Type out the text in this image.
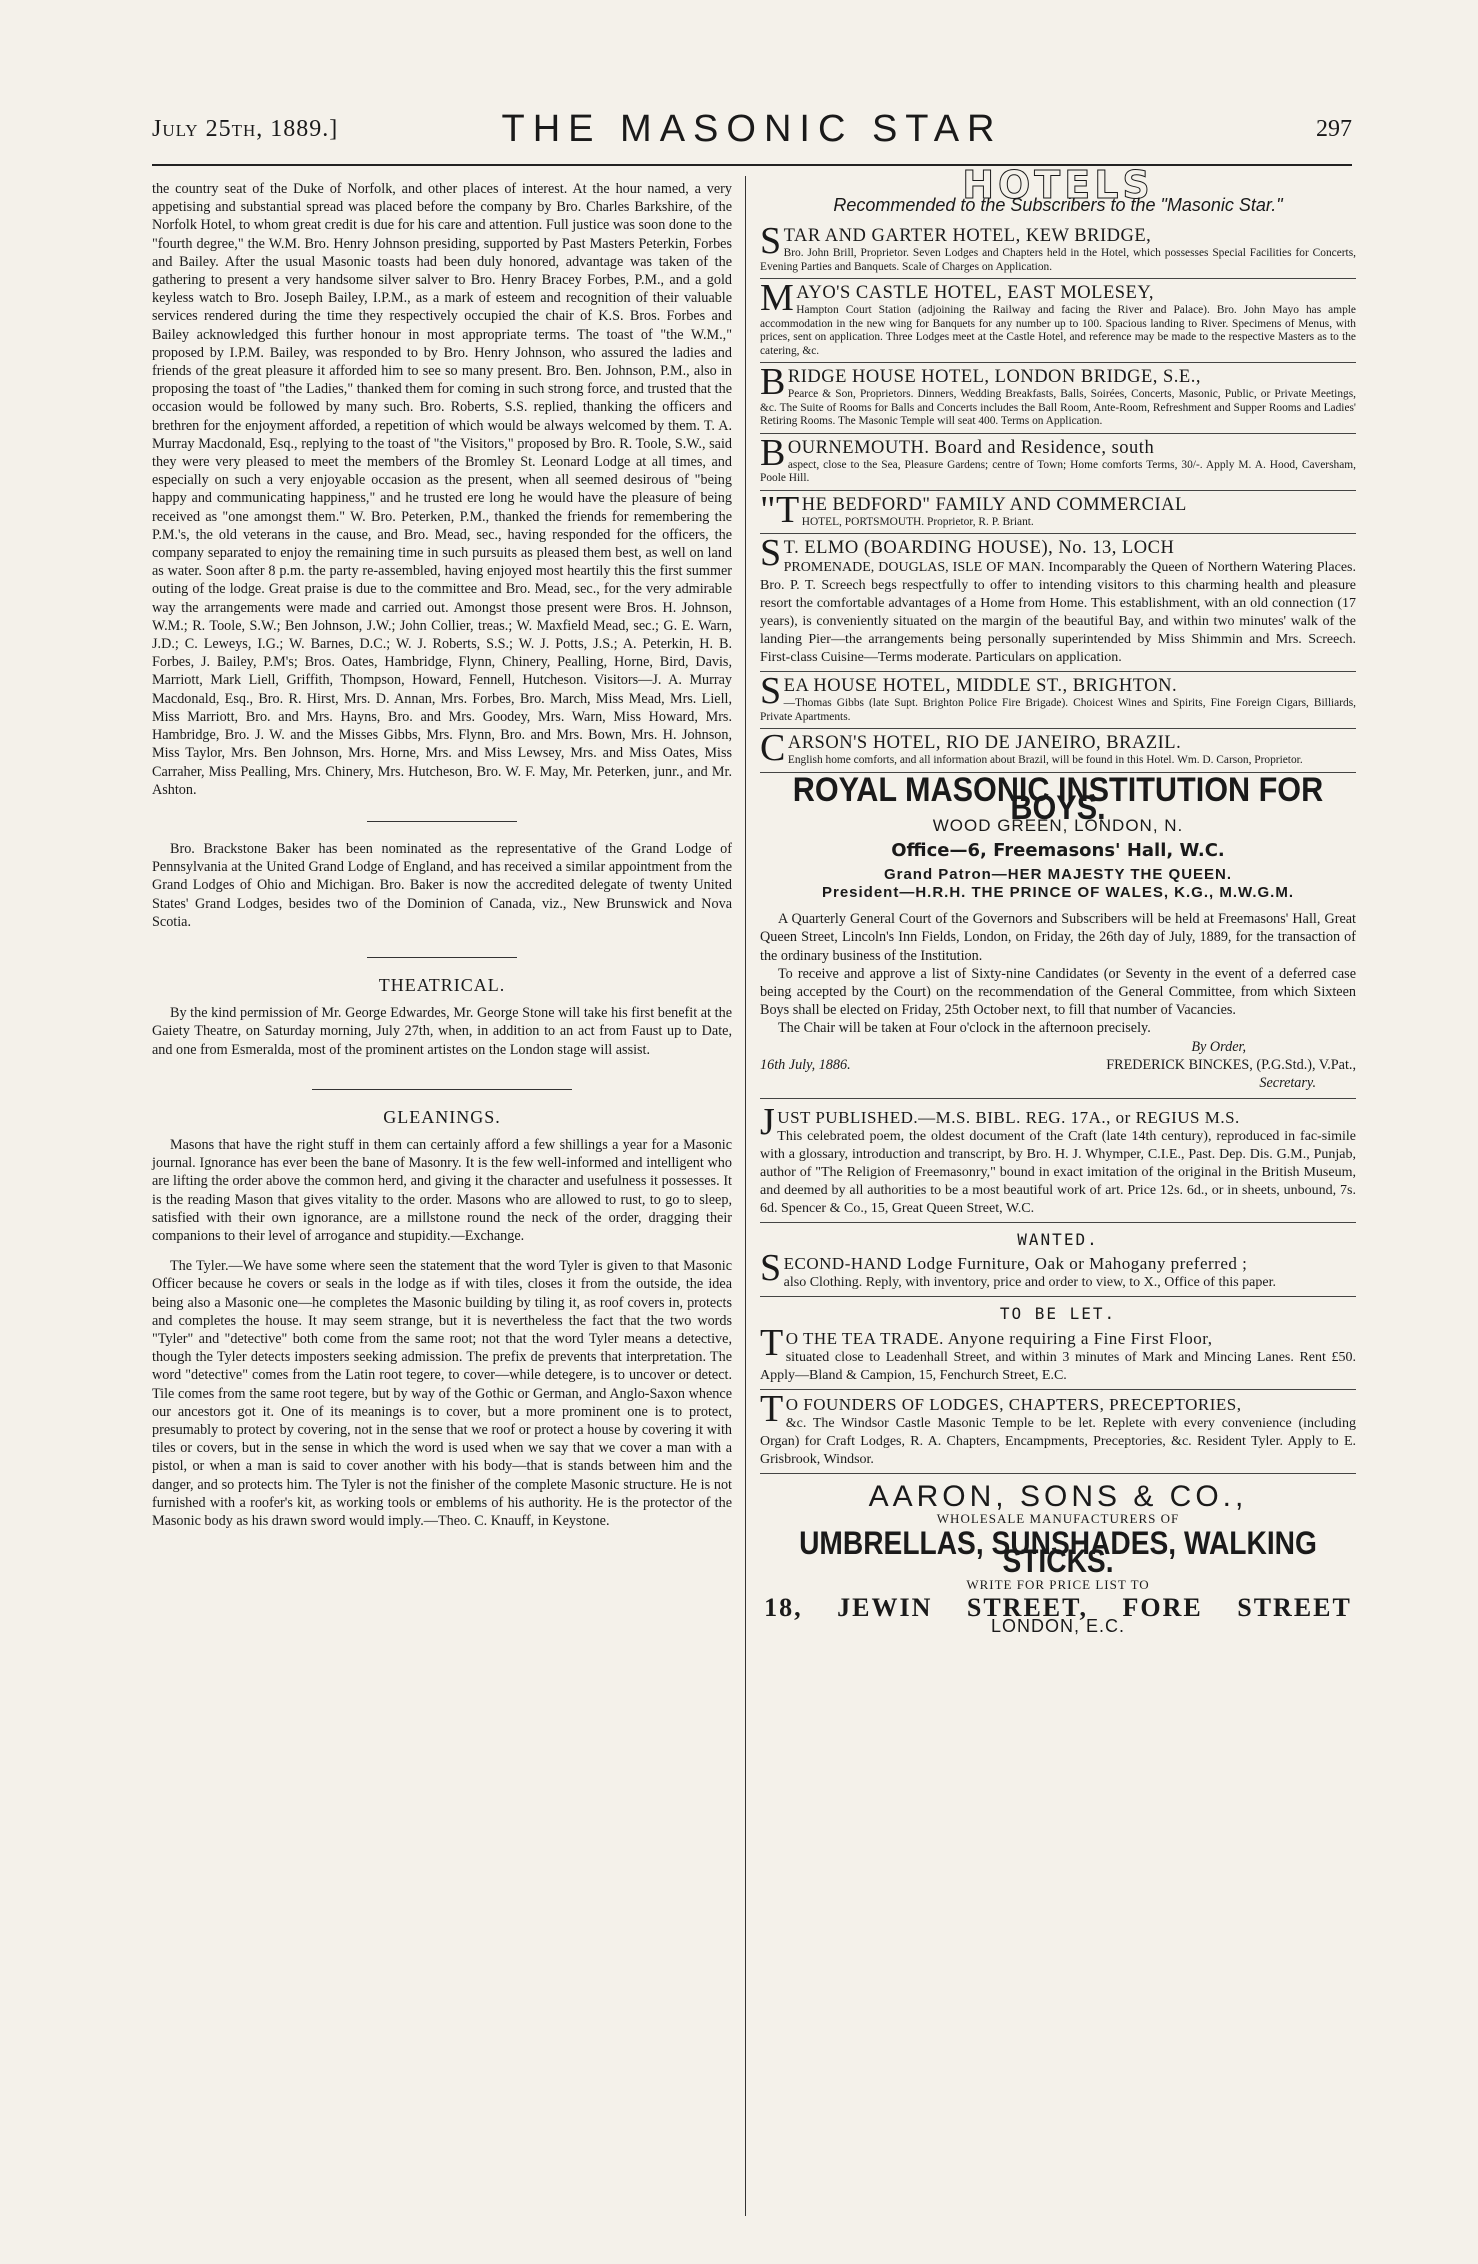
July 25th, 1889.]	THE MASONIC STAR	297

the country seat of the Duke of Norfolk, and other places of interest. At the hour named, a very appetising and substantial spread was placed before the company by Bro. Charles Barkshire, of the Norfolk Hotel, to whom great credit is due for his care and attention. Full justice was soon done to the "fourth degree," the W.M. Bro. Henry Johnson presiding, supported by Past Masters Peterkin, Forbes and Bailey. After the usual Masonic toasts had been duly honored, advantage was taken of the gathering to present a very handsome silver salver to Bro. Henry Bracey Forbes, P.M., and a gold keyless watch to Bro. Joseph Bailey, I.P.M., as a mark of esteem and recognition of their valuable services rendered during the time they respectively occupied the chair of K.S. Bros. Forbes and Bailey acknowledged this further honour in most appropriate terms. The toast of "the W.M.," proposed by I.P.M. Bailey, was responded to by Bro. Henry Johnson, who assured the ladies and friends of the great pleasure it afforded him to see so many present. Bro. Ben. Johnson, P.M., also in proposing the toast of "the Ladies," thanked them for coming in such strong force, and trusted that the occasion would be followed by many such. Bro. Roberts, S.S. replied, thanking the officers and brethren for the enjoyment afforded, a repetition of which would be always welcomed by them. T. A. Murray Macdonald, Esq., replying to the toast of "the Visitors," proposed by Bro. R. Toole, S.W., said they were very pleased to meet the members of the Bromley St. Leonard Lodge at all times, and especially on such a very enjoyable occasion as the present, when all seemed desirous of "being happy and communicating happiness," and he trusted ere long he would have the pleasure of being received as "one amongst them." W. Bro. Peterken, P.M., thanked the friends for remembering the P.M.'s, the old veterans in the cause, and Bro. Mead, sec., having responded for the officers, the company separated to enjoy the remaining time in such pursuits as pleased them best, as well on land as water. Soon after 8 p.m. the party re-assembled, having enjoyed most heartily this the first summer outing of the lodge. Great praise is due to the committee and Bro. Mead, sec., for the very admirable way the arrangements were made and carried out. Amongst those present were Bros. H. Johnson, W.M.; R. Toole, S.W.; Ben Johnson, J.W.; John Collier, treas.; W. Maxfield Mead, sec.; G. E. Warn, J.D.; C. Leweys, I.G.; W. Barnes, D.C.; W. J. Roberts, S.S.; W. J. Potts, J.S.; A. Peterkin, H. B. Forbes, J. Bailey, P.M's; Bros. Oates, Hambridge, Flynn, Chinery, Pealling, Horne, Bird, Davis, Marriott, Mark Liell, Griffith, Thompson, Howard, Fennell, Hutcheson. Visitors—J. A. Murray Macdonald, Esq., Bro. R. Hirst, Mrs. D. Annan, Mrs. Forbes, Bro. March, Miss Mead, Mrs. Liell, Miss Marriott, Bro. and Mrs. Hayns, Bro. and Mrs. Goodey, Mrs. Warn, Miss Howard, Mrs. Hambridge, Bro. J. W. and the Misses Gibbs, Mrs. Flynn, Bro. and Mrs. Bown, Mrs. H. Johnson, Miss Taylor, Mrs. Ben Johnson, Mrs. Horne, Mrs. and Miss Lewsey, Mrs. and Miss Oates, Miss Carraher, Miss Pealling, Mrs. Chinery, Mrs. Hutcheson, Bro. W. F. May, Mr. Peterken, junr., and Mr. Ashton.

Bro. Brackstone Baker has been nominated as the representative of the Grand Lodge of Pennsylvania at the United Grand Lodge of England, and has received a similar appointment from the Grand Lodges of Ohio and Michigan. Bro. Baker is now the accredited delegate of twenty United States' Grand Lodges, besides two of the Dominion of Canada, viz., New Brunswick and Nova Scotia.

THEATRICAL.

By the kind permission of Mr. George Edwardes, Mr. George Stone will take his first benefit at the Gaiety Theatre, on Saturday morning, July 27th, when, in addition to an act from Faust up to Date, and one from Esmeralda, most of the prominent artistes on the London stage will assist.

GLEANINGS.

Masons that have the right stuff in them can certainly afford a few shillings a year for a Masonic journal. Ignorance has ever been the bane of Masonry. It is the few well-informed and intelligent who are lifting the order above the common herd, and giving it the character and usefulness it possesses. It is the reading Mason that gives vitality to the order. Masons who are allowed to rust, to go to sleep, satisfied with their own ignorance, are a millstone round the neck of the order, dragging their companions to their level of arrogance and stupidity.—Exchange.

The Tyler.—We have some where seen the statement that the word Tyler is given to that Masonic Officer because he covers or seals in the lodge as if with tiles, closes it from the outside, the idea being also a Masonic one—he completes the Masonic building by tiling it, as roof covers in, protects and completes the house. It may seem strange, but it is nevertheless the fact that the two words "Tyler" and "detective" both come from the same root; not that the word Tyler means a detective, though the Tyler detects imposters seeking admission. The prefix de prevents that interpretation. The word "detective" comes from the Latin root tegere, to cover—while detegere, is to uncover or detect. Tile comes from the same root tegere, but by way of the Gothic or German, and Anglo-Saxon whence our ancestors got it. One of its meanings is to cover, but a more prominent one is to protect, presumably to protect by covering, not in the sense that we roof or protect a house by covering it with tiles or covers, but in the sense in which the word is used when we say that we cover a man with a pistol, or when a man is said to cover another with his body—that is stands between him and the danger, and so protects him. The Tyler is not the finisher of the complete Masonic structure. He is not furnished with a roofer's kit, as working tools or emblems of his authority. He is the protector of the Masonic body as his drawn sword would imply.—Theo. C. Knauff, in Keystone.

HOTELS
Recommended to the Subscribers to the "Masonic Star."
STAR AND GARTER HOTEL, KEW BRIDGE,
Bro. John Brill, Proprietor. Seven Lodges and Chapters held in the Hotel, which possesses Special Facilities for Concerts, Evening Parties and Banquets. Scale of Charges on Application.
MAYO'S CASTLE HOTEL, EAST MOLESEY,
Hampton Court Station (adjoining the Railway and facing the River and Palace). Bro. John Mayo has ample accommodation in the new wing for Banquets for any number up to 100. Spacious landing to River. Specimens of Menus, with prices, sent on application. Three Lodges meet at the Castle Hotel, and reference may be made to the respective Masters as to the catering, &c.
BRIDGE HOUSE HOTEL, LONDON BRIDGE, S.E.,
Pearce & Son, Proprietors. Dinners, Wedding Breakfasts, Balls, Soirées, Concerts, Masonic, Public, or Private Meetings, &c. The Suite of Rooms for Balls and Concerts includes the Ball Room, Ante-Room, Refreshment and Supper Rooms and Ladies' Retiring Rooms. The Masonic Temple will seat 400. Terms on Application.
BOURNEMOUTH. Board and Residence, south
aspect, close to the Sea, Pleasure Gardens; centre of Town; Home comforts Terms, 30/-. Apply M. A. Hood, Caversham, Poole Hill.
"THE BEDFORD" FAMILY AND COMMERCIAL
HOTEL, PORTSMOUTH. Proprietor, R. P. Briant.
ST. ELMO (BOARDING HOUSE), No. 13, LOCH
PROMENADE, DOUGLAS, ISLE OF MAN. Incomparably the Queen of Northern Watering Places. Bro. P. T. Screech begs respectfully to offer to intending visitors to this charming health and pleasure resort the comfortable advantages of a Home from Home. This establishment, with an old connection (17 years), is conveniently situated on the margin of the beautiful Bay, and within two minutes' walk of the landing Pier—the arrangements being personally superintended by Miss Shimmin and Mrs. Screech. First-class Cuisine—Terms moderate. Particulars on application.
SEA HOUSE HOTEL, MIDDLE ST., BRIGHTON.
—Thomas Gibbs (late Supt. Brighton Police Fire Brigade). Choicest Wines and Spirits, Fine Foreign Cigars, Billiards, Private Apartments.
CARSON'S HOTEL, RIO DE JANEIRO, BRAZIL.
English home comforts, and all information about Brazil, will be found in this Hotel. Wm. D. Carson, Proprietor.
ROYAL MASONIC INSTITUTION FOR BOYS.
WOOD GREEN, LONDON, N.
Office—6, Freemasons' Hall, W.C.
Grand Patron—HER MAJESTY THE QUEEN.
President—H.R.H. THE PRINCE OF WALES, K.G., M.W.G.M.

A Quarterly General Court of the Governors and Subscribers will be held at Freemasons' Hall, Great Queen Street, Lincoln's Inn Fields, London, on Friday, the 26th day of July, 1889, for the transaction of the ordinary business of the Institution.

To receive and approve a list of Sixty-nine Candidates (or Seventy in the event of a deferred case being accepted by the Court) on the recommendation of the General Committee, from which Sixteen Boys shall be elected on Friday, 25th October next, to fill that number of Vacancies.

The Chair will be taken at Four o'clock in the afternoon precisely.

By Order,
16th July, 1886.	FREDERICK BINCKES, (P.G.Std.), V.Pat.,
Secretary.
JUST PUBLISHED.—M.S. BIBL. REG. 17A., or REGIUS M.S.
This celebrated poem, the oldest document of the Craft (late 14th century), reproduced in fac-simile with a glossary, introduction and transcript, by Bro. H. J. Whymper, C.I.E., Past. Dep. Dis. G.M., Punjab, author of "The Religion of Freemasonry," bound in exact imitation of the original in the British Museum, and deemed by all authorities to be a most beautiful work of art. Price 12s. 6d., or in sheets, unbound, 7s. 6d. Spencer & Co., 15, Great Queen Street, W.C.
WANTED.
SECOND-HAND Lodge Furniture, Oak or Mahogany preferred ;
also Clothing. Reply, with inventory, price and order to view, to X., Office of this paper.
TO BE LET.
TO THE TEA TRADE. Anyone requiring a Fine First Floor,
situated close to Leadenhall Street, and within 3 minutes of Mark and Mincing Lanes. Rent £50. Apply—Bland & Campion, 15, Fenchurch Street, E.C.
TO FOUNDERS OF LODGES, CHAPTERS, PRECEPTORIES,
&c. The Windsor Castle Masonic Temple to be let. Replete with every convenience (including Organ) for Craft Lodges, R. A. Chapters, Encampments, Preceptories, &c. Resident Tyler. Apply to E. Grisbrook, Windsor.
AARON, SONS & CO.,
WHOLESALE MANUFACTURERS OF
UMBRELLAS, SUNSHADES, WALKING STICKS.
WRITE FOR PRICE LIST TO
18, JEWIN STREET, FORE STREET
LONDON, E.C.
